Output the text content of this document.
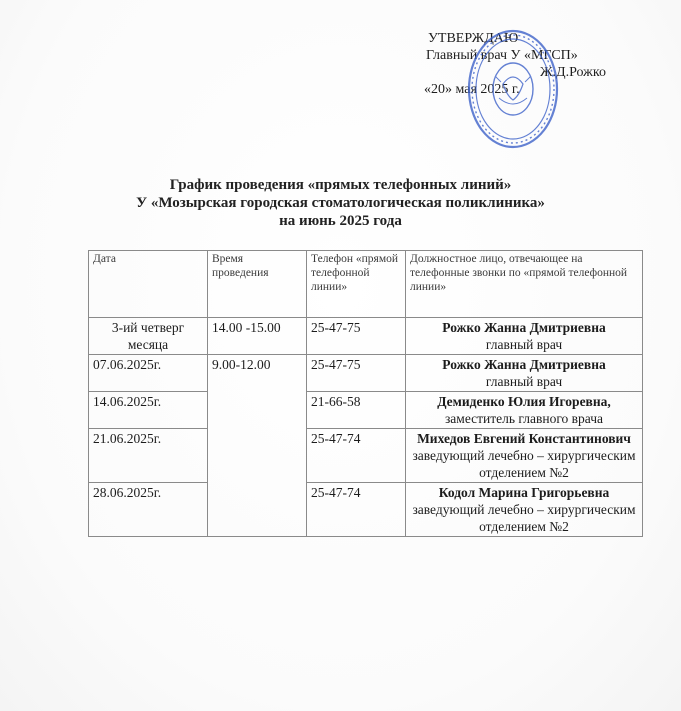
УТВЕРЖДАЮ
Главный врач У «МГСП»
Ж.Д.Рожко
«20» мая 2025 г.
График проведения «прямых телефонных линий»
У «Мозырская городская стоматологическая поликлиника»
на июнь 2025 года
Дата	Время проведения	Телефон «прямой телефонной линии»	Должностное лицо, отвечающее на телефонные звонки по «прямой телефонной линии»
3-ий четверг месяца	14.00 -15.00	25-47-75	Рожко Жанна Дмитриевна
главный врач

07.06.2025г.	9.00-12.00	25-47-75	Рожко Жанна Дмитриевна
главный врач

14.06.2025г.		21-66-58	Демиденко Юлия Игоревна,
заместитель главного врача

21.06.2025г.		25-47-74	Михедов Евгений Константинович
заведующий лечебно – хирургическим отделением №2

28.06.2025г.		25-47-74	Кодол Марина Григорьевна
заведующий лечебно – хирургическим отделением №2
